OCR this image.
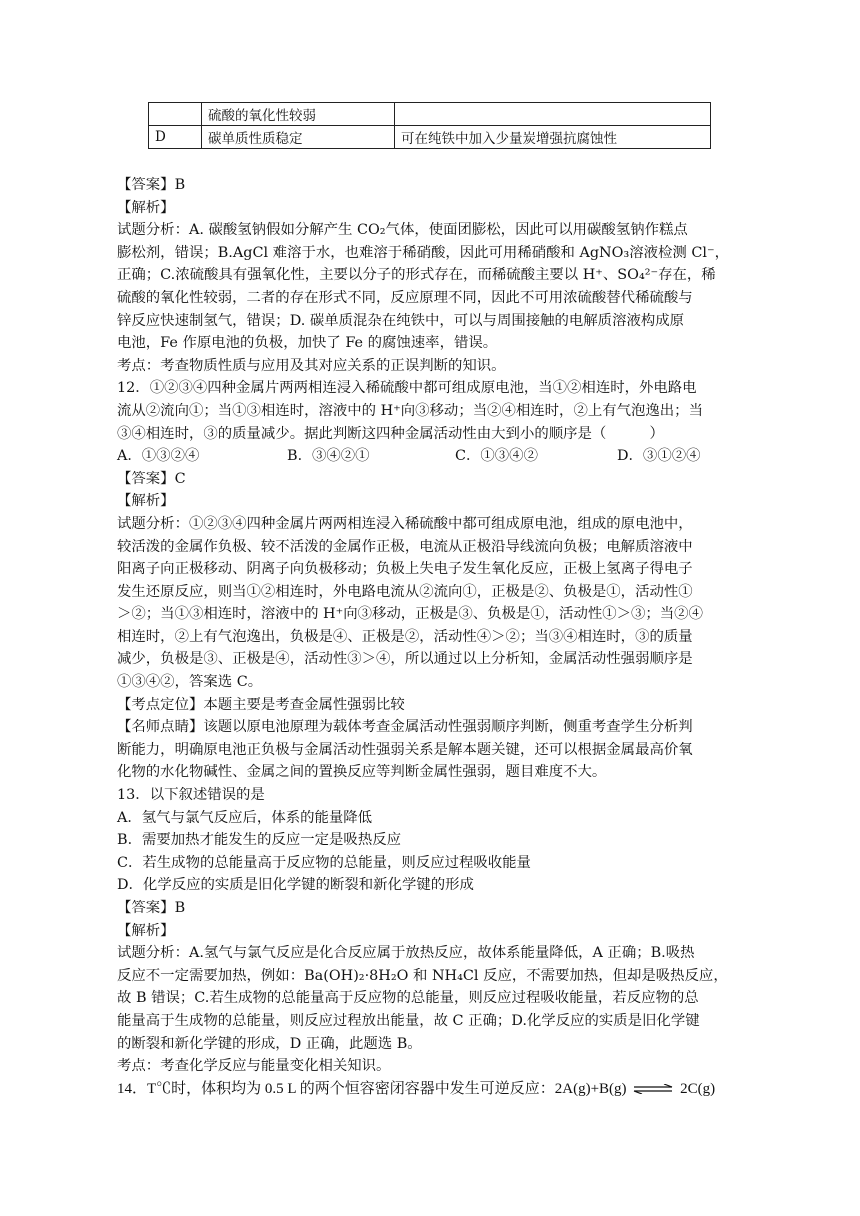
	硫酸的氧化性较弱	
D	碳单质性质稳定	可在纯铁中加入少量炭增强抗腐蚀性
【答案】B
【解析】
试题分析：A. 碳酸氢钠假如分解产生 CO₂气体，使面团膨松，因此可以用碳酸氢钠作糕点
膨松剂，错误；B.AgCl 难溶于水，也难溶于稀硝酸，因此可用稀硝酸和 AgNO₃溶液检测 Cl⁻，
正确；C.浓硫酸具有强氧化性，主要以分子的形式存在，而稀硫酸主要以 H⁺、SO₄²⁻存在，稀
硫酸的氧化性较弱，二者的存在形式不同，反应原理不同，因此不可用浓硫酸替代稀硫酸与
锌反应快速制氢气，错误；D. 碳单质混杂在纯铁中，可以与周围接触的电解质溶液构成原
电池，Fe 作原电池的负极，加快了 Fe 的腐蚀速率，错误。
考点：考查物质性质与应用及其对应关系的正误判断的知识。
12．①②③④四种金属片两两相连浸入稀硫酸中都可组成原电池，当①②相连时，外电路电
流从②流向①；当①③相连时，溶液中的 H⁺向③移动；当②④相连时，②上有气泡逸出；当
③④相连时，③的质量减少。据此判断这四种金属活动性由大到小的顺序是（　　　）
A．①③②④	B．③④②①	C．①③④②	D．③①②④
【答案】C
【解析】
试题分析：①②③④四种金属片两两相连浸入稀硫酸中都可组成原电池，组成的原电池中，
较活泼的金属作负极、较不活泼的金属作正极，电流从正极沿导线流向负极；电解质溶液中
阳离子向正极移动、阴离子向负极移动；负极上失电子发生氧化反应，正极上氢离子得电子
发生还原反应，则当①②相连时，外电路电流从②流向①，正极是②、负极是①，活动性①
＞②；当①③相连时，溶液中的 H⁺向③移动，正极是③、负极是①，活动性①＞③；当②④
相连时，②上有气泡逸出，负极是④、正极是②，活动性④＞②；当③④相连时，③的质量
减少，负极是③、正极是④，活动性③＞④，所以通过以上分析知，金属活动性强弱顺序是
①③④②，答案选 C。
【考点定位】本题主要是考查金属性强弱比较
【名师点睛】该题以原电池原理为载体考查金属活动性强弱顺序判断，侧重考查学生分析判
断能力，明确原电池正负极与金属活动性强弱关系是解本题关键，还可以根据金属最高价氧
化物的水化物碱性、金属之间的置换反应等判断金属性强弱，题目难度不大。
13．以下叙述错误的是
A．氢气与氯气反应后，体系的能量降低
B．需要加热才能发生的反应一定是吸热反应
C．若生成物的总能量高于反应物的总能量，则反应过程吸收能量
D．化学反应的实质是旧化学键的断裂和新化学键的形成
【答案】B
【解析】
试题分析：A.氢气与氯气反应是化合反应属于放热反应，故体系能量降低，A 正确；B.吸热
反应不一定需要加热，例如：Ba(OH)₂·8H₂O 和 NH₄Cl 反应，不需要加热，但却是吸热反应，
故 B 错误；C.若生成物的总能量高于反应物的总能量，则反应过程吸收能量，若反应物的总
能量高于生成物的总能量，则反应过程放出能量，故 C 正确；D.化学反应的实质是旧化学键
的断裂和新化学键的形成，D 正确，此题选 B。
考点：考查化学反应与能量变化相关知识。
14．T℃时，体积均为 0.5 L 的两个恒容密闭容器中发生可逆反应：2A(g)+B(g) ⇌ 2C(g)
